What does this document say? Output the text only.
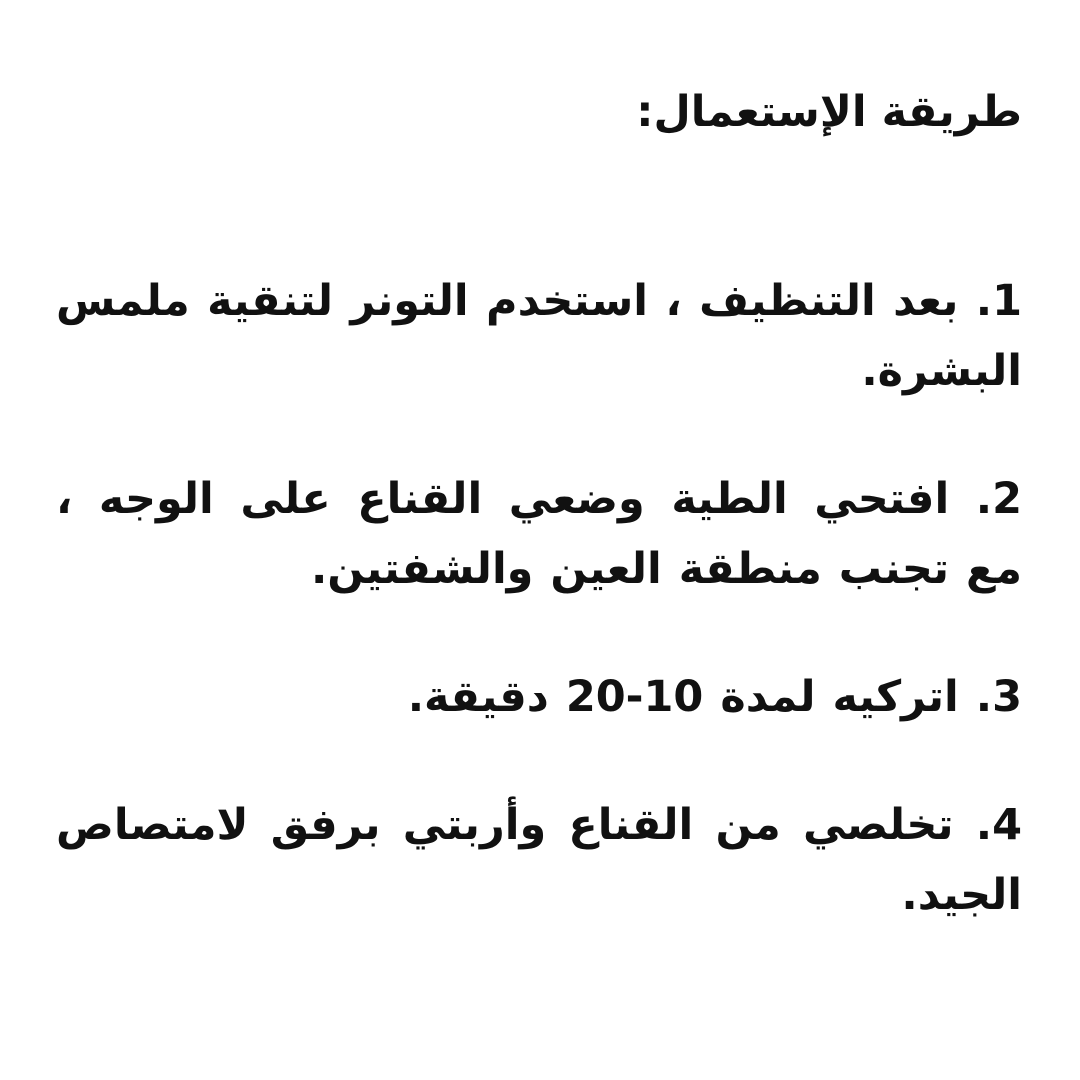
طريقة الإستعمال:

1. بعد التنظيف ، استخدم التونر لتنقية ملمس البشرة.

2. افتحي الطية وضعي القناع على الوجه ، مع تجنب منطقة العين والشفتين.

3. اتركيه لمدة 10-20 دقيقة.

4. تخلصي من القناع وأربتي برفق لامتصاص الجيد.
